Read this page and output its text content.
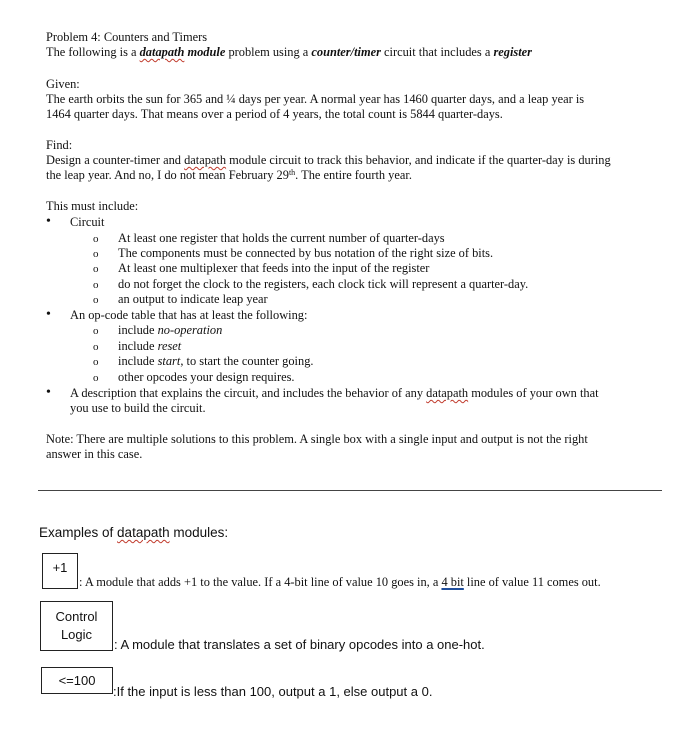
Problem 4: Counters and Timers
The following is a datapath module problem using a counter/timer circuit that includes a register
Given:
The earth orbits the sun for 365 and ¼ days per year. A normal year has 1460 quarter days, and a leap year is
1464 quarter days. That means over a period of 4 years, the total count is 5844 quarter-days.
Find:
Design a counter-timer and datapath module circuit to track this behavior, and indicate if the quarter-day is during
the leap year. And no, I do not mean February 29th. The entire fourth year.
This must include:
• Circuit
o At least one register that holds the current number of quarter-days
o The components must be connected by bus notation of the right size of bits.
o At least one multiplexer that feeds into the input of the register
o do not forget the clock to the registers, each clock tick will represent a quarter-day.
o an output to indicate leap year
• An op-code table that has at least the following:
o include no-operation
o include reset
o include start, to start the counter going.
o other opcodes your design requires.
• A description that explains the circuit, and includes the behavior of any datapath modules of your own that
you use to build the circuit.
Note: There are multiple solutions to this problem. A single box with a single input and output is not the right
answer in this case.
Examples of datapath modules:
+1
: A module that adds +1 to the value. If a 4-bit line of value 10 goes in, a 4 bit line of value 11 comes out.
Control
Logic
: A module that translates a set of binary opcodes into a one-hot.
<=100
:If the input is less than 100, output a 1, else output a 0.
